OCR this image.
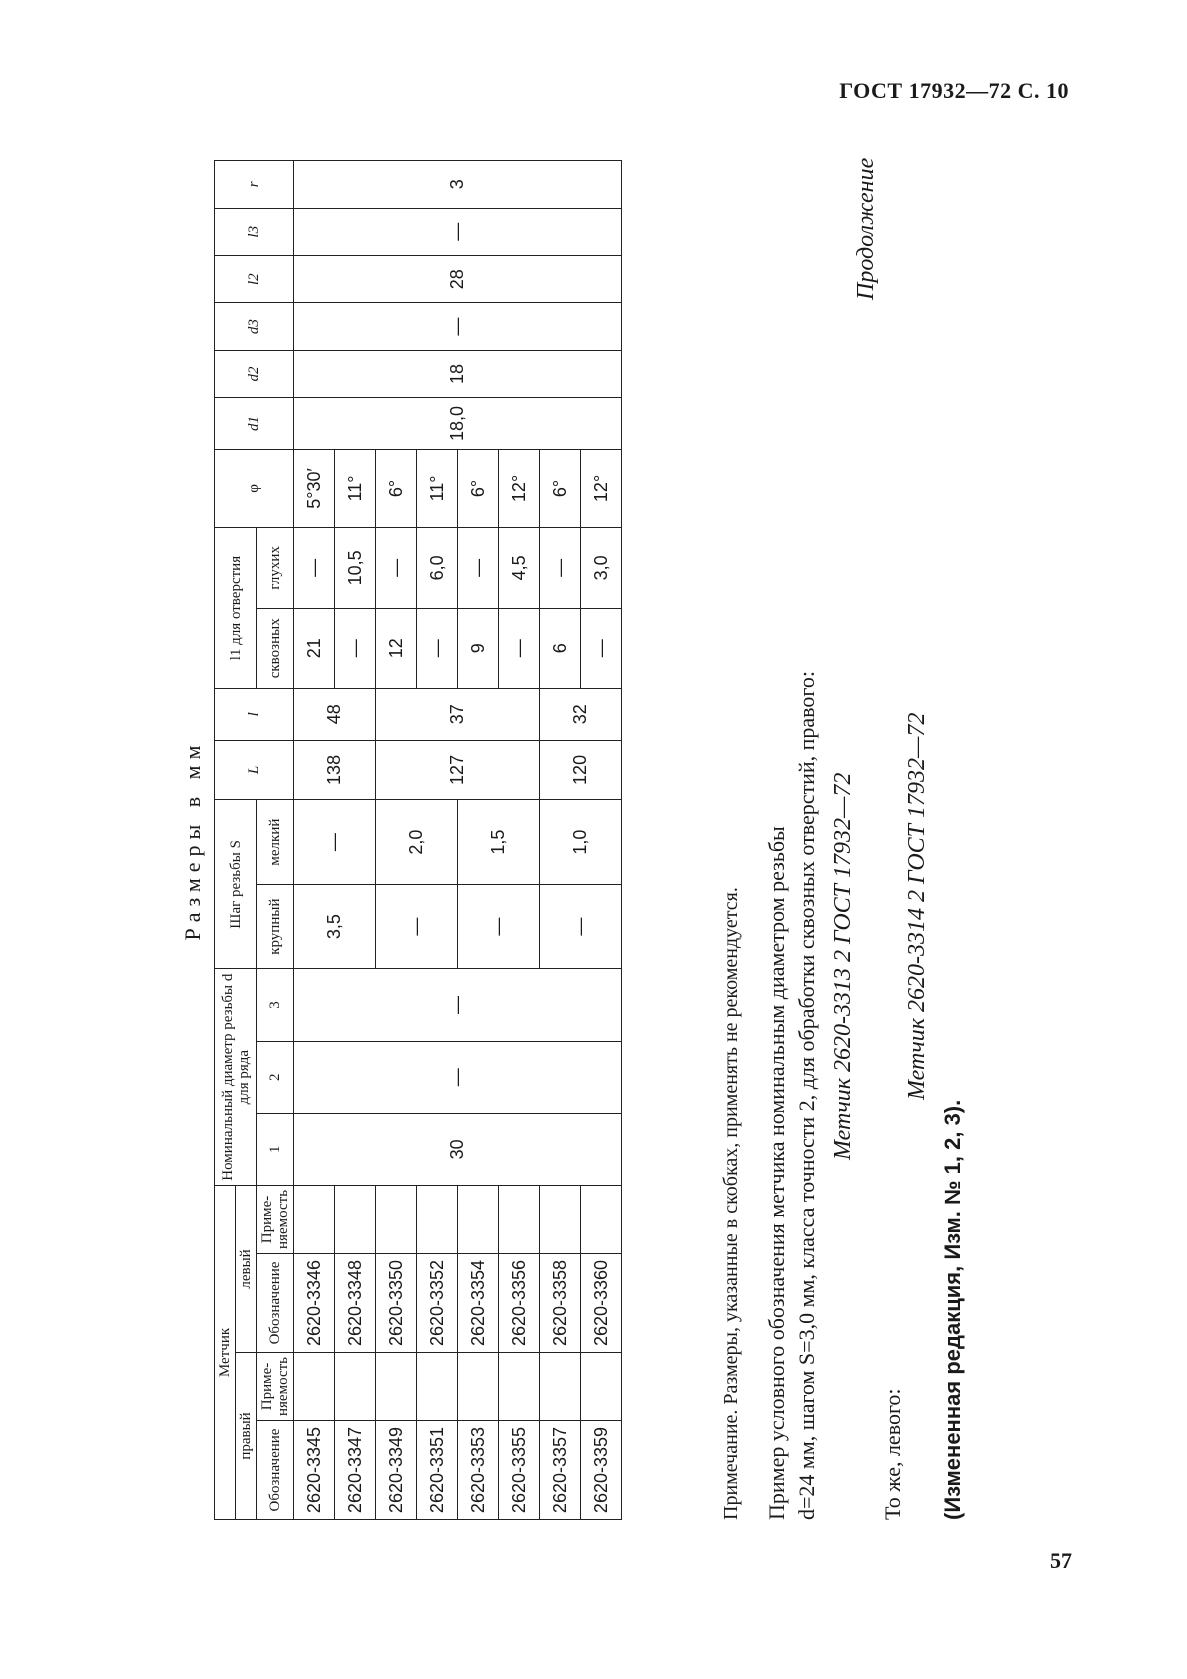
ГОСТ 17932—72 С. 10
57
Продолжение
Размеры в мм
Метчик				Номинальный диаметр резьбы d для ряда			Шаг резьбы S		L	l	l1 для отверстия		φ	d1	d2	d3	l2	l3	r
правый		левый																	
Обозначение	Приме- няемость	Обозначение	Приме- няемость	1	2	3	крупный	мелкий			сквозных	глухих							
2620-3345		2620-3346		30	—	—	3,5	—	138	48	21	—	5°30′	18,0	18	—	28	—	3
2620-3347		2620-3348									—	10,5	11°						
2620-3349		2620-3350					—	2,0	127	37	12	—	6°						
2620-3351		2620-3352									—	6,0	11°						
2620-3353		2620-3354					—	1,5			9	—	6°						
2620-3355		2620-3356									—	4,5	12°						
2620-3357		2620-3358					—	1,0	120	32	6	—	6°						
2620-3359		2620-3360									—	3,0	12°						
Примечание. Размеры, указанные в скобках, применять не рекомендуется. Пример условного обозначения метчика номинальным диаметром резьбы d=24 мм, шагом S=3,0 мм, класса точности 2, для обработки сквозных отверстий, правого: Метчик 2620-3313 2 ГОСТ 17932—72
То же, левого:
Метчик 2620-3314 2 ГОСТ 17932—72
(Измененная редакция, Изм. № 1, 2, 3).
